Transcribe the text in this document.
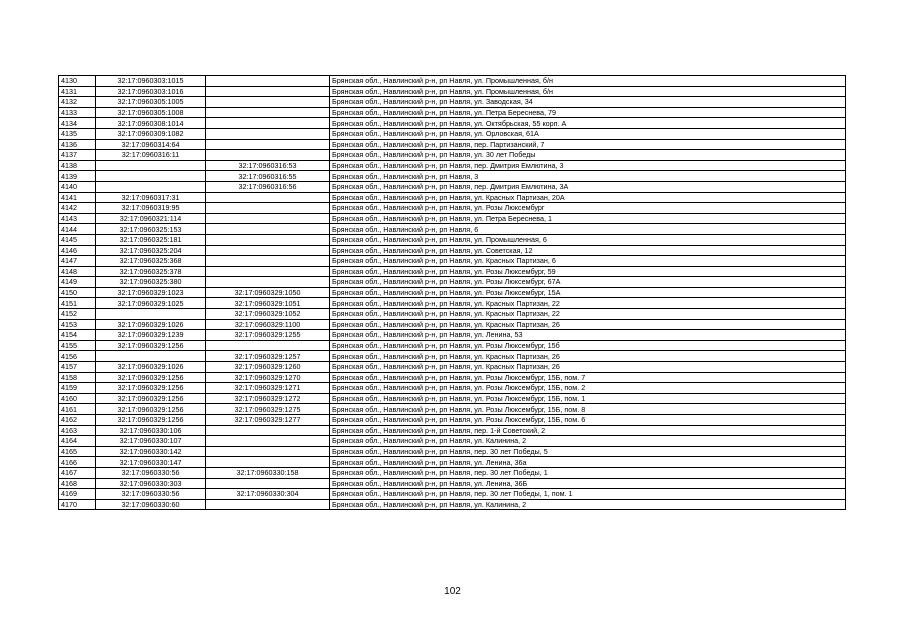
4130	32:17:0960303:1015		Брянская обл., Навлинский р-н, рп Навля, ул. Промышленная, б/н
4131	32:17:0960303:1016		Брянская обл., Навлинский р-н, рп Навля, ул. Промышленная, б/н
4132	32:17:0960305:1005		Брянская обл., Навлинский р-н, рп Навля, ул. Заводская, 34
4133	32:17:0960305:1008		Брянская обл., Навлинский р-н, рп Навля, ул. Петра Береснева, 79
4134	32:17:0960308:1014		Брянская обл., Навлинский р-н, рп Навля, ул. Октябрьская, 55 корп. А
4135	32:17:0960309:1082		Брянская обл., Навлинский р-н, рп Навля, ул. Орловская, 61А
4136	32:17:0960314:64		Брянская обл., Навлинский р-н, рп Навля, пер. Партизанский, 7
4137	32:17:0960316:11		Брянская обл., Навлинский р-н, рп Навля, ул. 30 лет Победы
4138		32:17:0960316:53	Брянская обл., Навлинский р-н, рп Навля, пер. Дмитрия Емлютина, 3
4139		32:17:0960316:55	Брянская обл., Навлинский р-н, рп Навля, 3
4140		32:17:0960316:56	Брянская обл., Навлинский р-н, рп Навля, пер. Дмитрия Емлютина, 3А
4141	32:17:0960317:31		Брянская обл., Навлинский р-н, рп Навля, ул. Красных Партизан, 20А
4142	32:17:0960319:95		Брянская обл., Навлинский р-н, рп Навля, ул. Розы Люксембург
4143	32:17:0960321:114		Брянская обл., Навлинский р-н, рп Навля, ул. Петра Береснева, 1
4144	32:17:0960325:153		Брянская обл., Навлинский р-н, рп Навля, 6
4145	32:17:0960325:181		Брянская обл., Навлинский р-н, рп Навля, ул. Промышленная, 6
4146	32:17:0960325:204		Брянская обл., Навлинский р-н, рп Навля, ул. Советская, 12
4147	32:17:0960325:368		Брянская обл., Навлинский р-н, рп Навля, ул. Красных Партизан, 6
4148	32:17:0960325:378		Брянская обл., Навлинский р-н, рп Навля, ул. Розы Люксембург, 59
4149	32:17:0960325:380		Брянская обл., Навлинский р-н, рп Навля, ул. Розы Люксембург, 67А
4150	32:17:0960329:1023	32:17:0960329:1050	Брянская обл., Навлинский р-н, рп Навля, ул. Розы Люксембург, 15А
4151	32:17:0960329:1025	32:17:0960329:1051	Брянская обл., Навлинский р-н, рп Навля, ул. Красных Партизан, 22
4152		32:17:0960329:1052	Брянская обл., Навлинский р-н, рп Навля, ул. Красных Партизан, 22
4153	32:17:0960329:1026	32:17:0960329:1100	Брянская обл., Навлинский р-н, рп Навля, ул. Красных Партизан, 26
4154	32:17:0960329:1239	32:17:0960329:1255	Брянская обл., Навлинский р-н, рп Навля, ул. Ленина, 53
4155	32:17:0960329:1256		Брянская обл., Навлинский р-н, рп Навля, ул. Розы Люксембург, 15б
4156		32:17:0960329:1257	Брянская обл., Навлинский р-н, рп Навля, ул. Красных Партизан, 26
4157	32:17:0960329:1026	32:17:0960329:1260	Брянская обл., Навлинский р-н, рп Навля, ул. Красных Партизан, 26
4158	32:17:0960329:1256	32:17:0960329:1270	Брянская обл., Навлинский р-н, рп Навля, ул. Розы Люксембург, 15Б, пом. 7
4159	32:17:0960329:1256	32:17:0960329:1271	Брянская обл., Навлинский р-н, рп Навля, ул. Розы Люксембург, 15Б, пом. 2
4160	32:17:0960329:1256	32:17:0960329:1272	Брянская обл., Навлинский р-н, рп Навля, ул. Розы Люксембург, 15Б, пом. 1
4161	32:17:0960329:1256	32:17:0960329:1275	Брянская обл., Навлинский р-н, рп Навля, ул. Розы Люксембург, 15Б, пом. 8
4162	32:17:0960329:1256	32:17:0960329:1277	Брянская обл., Навлинский р-н, рп Навля, ул. Розы Люксембург, 15Б, пом. 6
4163	32:17:0960330:106		Брянская обл., Навлинский р-н, рп Навля, пер. 1-й Советский, 2
4164	32:17:0960330:107		Брянская обл., Навлинский р-н, рп Навля, ул. Калинина, 2
4165	32:17:0960330:142		Брянская обл., Навлинский р-н, рп Навля, пер. 30 лет Победы, 5
4166	32:17:0960330:147		Брянская обл., Навлинский р-н, рп Навля, ул. Ленина, 36а
4167	32:17:0960330:56	32:17:0960330:158	Брянская обл., Навлинский р-н, рп Навля, пер. 30 лет Победы, 1
4168	32:17:0960330:303		Брянская обл., Навлинский р-н, рп Навля, ул. Ленина, 36Б
4169	32:17:0960330:56	32:17:0960330:304	Брянская обл., Навлинский р-н, рп Навля, пер. 30 лет Победы, 1, пом. 1
4170	32:17:0960330:60		Брянская обл., Навлинский р-н, рп Навля, ул. Калинина, 2
102
